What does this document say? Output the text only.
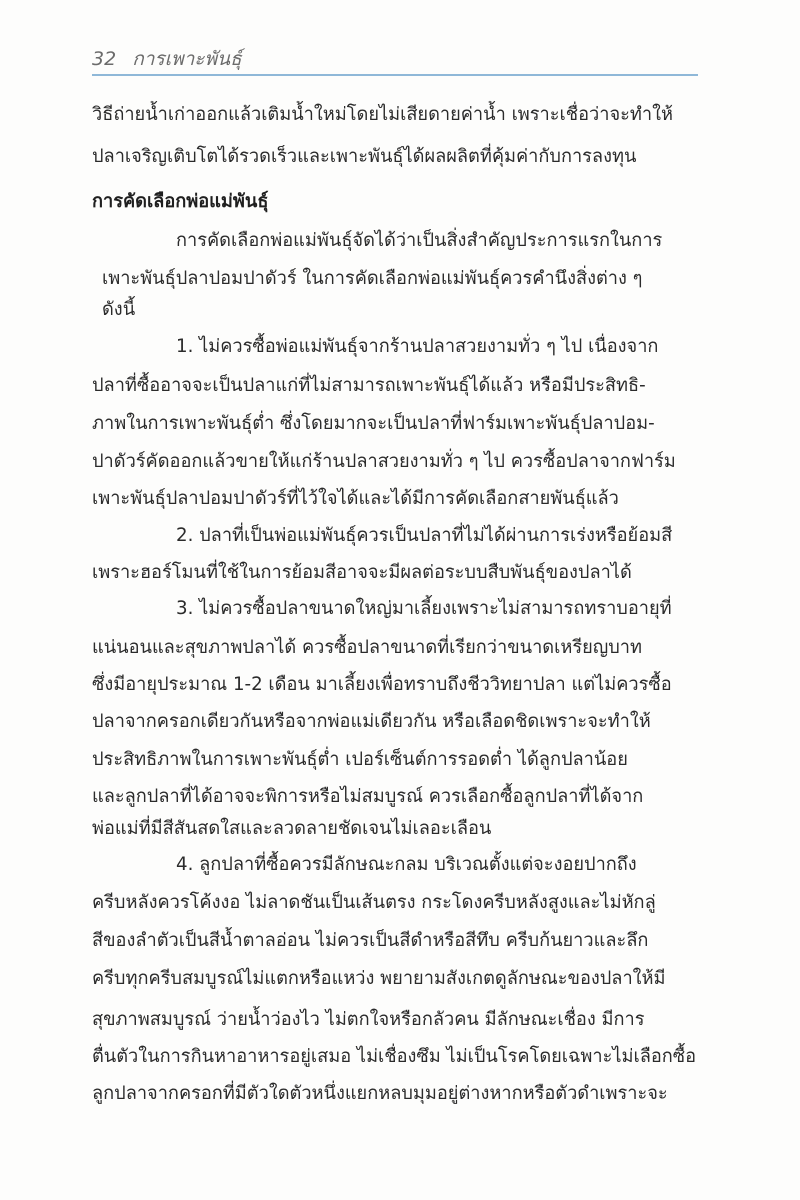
32 การเพาะพันธุ์
วิธีถ่ายน้ำเก่าออกแล้วเติมน้ำใหม่โดยไม่เสียดายค่าน้ำ เพราะเชื่อว่าจะทำให้
ปลาเจริญเติบโตได้รวดเร็วและเพาะพันธุ์ได้ผลผลิตที่คุ้มค่ากับการลงทุน
การคัดเลือกพ่อแม่พันธุ์
การคัดเลือกพ่อแม่พันธุ์จัดได้ว่าเป็นสิ่งสำคัญประการแรกในการ
เพาะพันธุ์ปลาปอมปาดัวร์ ในการคัดเลือกพ่อแม่พันธุ์ควรคำนึงสิ่งต่าง ๆ
ดังนี้
1. ไม่ควรซื้อพ่อแม่พันธุ์จากร้านปลาสวยงามทั่ว ๆ ไป เนื่องจาก
ปลาที่ซื้ออาจจะเป็นปลาแก่ที่ไม่สามารถเพาะพันธุ์ได้แล้ว หรือมีประสิทธิ-
ภาพในการเพาะพันธุ์ต่ำ ซึ่งโดยมากจะเป็นปลาที่ฟาร์มเพาะพันธุ์ปลาปอม-
ปาดัวร์คัดออกแล้วขายให้แก่ร้านปลาสวยงามทั่ว ๆ ไป ควรซื้อปลาจากฟาร์ม
เพาะพันธุ์ปลาปอมปาดัวร์ที่ไว้ใจได้และได้มีการคัดเลือกสายพันธุ์แล้ว
2. ปลาที่เป็นพ่อแม่พันธุ์ควรเป็นปลาที่ไม่ได้ผ่านการเร่งหรือย้อมสี
เพราะฮอร์โมนที่ใช้ในการย้อมสีอาจจะมีผลต่อระบบสืบพันธุ์ของปลาได้
3. ไม่ควรซื้อปลาขนาดใหญ่มาเลี้ยงเพราะไม่สามารถทราบอายุที่
แน่นอนและสุขภาพปลาได้ ควรซื้อปลาขนาดที่เรียกว่าขนาดเหรียญบาท
ซึ่งมีอายุประมาณ 1-2 เดือน มาเลี้ยงเพื่อทราบถึงชีววิทยาปลา แต่ไม่ควรซื้อ
ปลาจากครอกเดียวกันหรือจากพ่อแม่เดียวกัน หรือเลือดชิดเพราะจะทำให้
ประสิทธิภาพในการเพาะพันธุ์ต่ำ เปอร์เซ็นต์การรอดต่ำ ได้ลูกปลาน้อย
และลูกปลาที่ได้อาจจะพิการหรือไม่สมบูรณ์ ควรเลือกซื้อลูกปลาที่ได้จาก
พ่อแม่ที่มีสีสันสดใสและลวดลายชัดเจนไม่เลอะเลือน
4. ลูกปลาที่ซื้อควรมีลักษณะกลม บริเวณตั้งแต่จะงอยปากถึง
ครีบหลังควรโค้งงอ ไม่ลาดชันเป็นเส้นตรง กระโดงครีบหลังสูงและไม่หักลู่
สีของลำตัวเป็นสีน้ำตาลอ่อน ไม่ควรเป็นสีดำหรือสีทึบ ครีบก้นยาวและลึก
ครีบทุกครีบสมบูรณ์ไม่แตกหรือแหว่ง พยายามสังเกตดูลักษณะของปลาให้มี
สุขภาพสมบูรณ์ ว่ายน้ำว่องไว ไม่ตกใจหรือกลัวคน มีลักษณะเชื่อง มีการ
ตื่นตัวในการกินหาอาหารอยู่เสมอ ไม่เชื่องซึม ไม่เป็นโรคโดยเฉพาะไม่เลือกซื้อ
ลูกปลาจากครอกที่มีตัวใดตัวหนึ่งแยกหลบมุมอยู่ต่างหากหรือตัวดำเพราะจะ
